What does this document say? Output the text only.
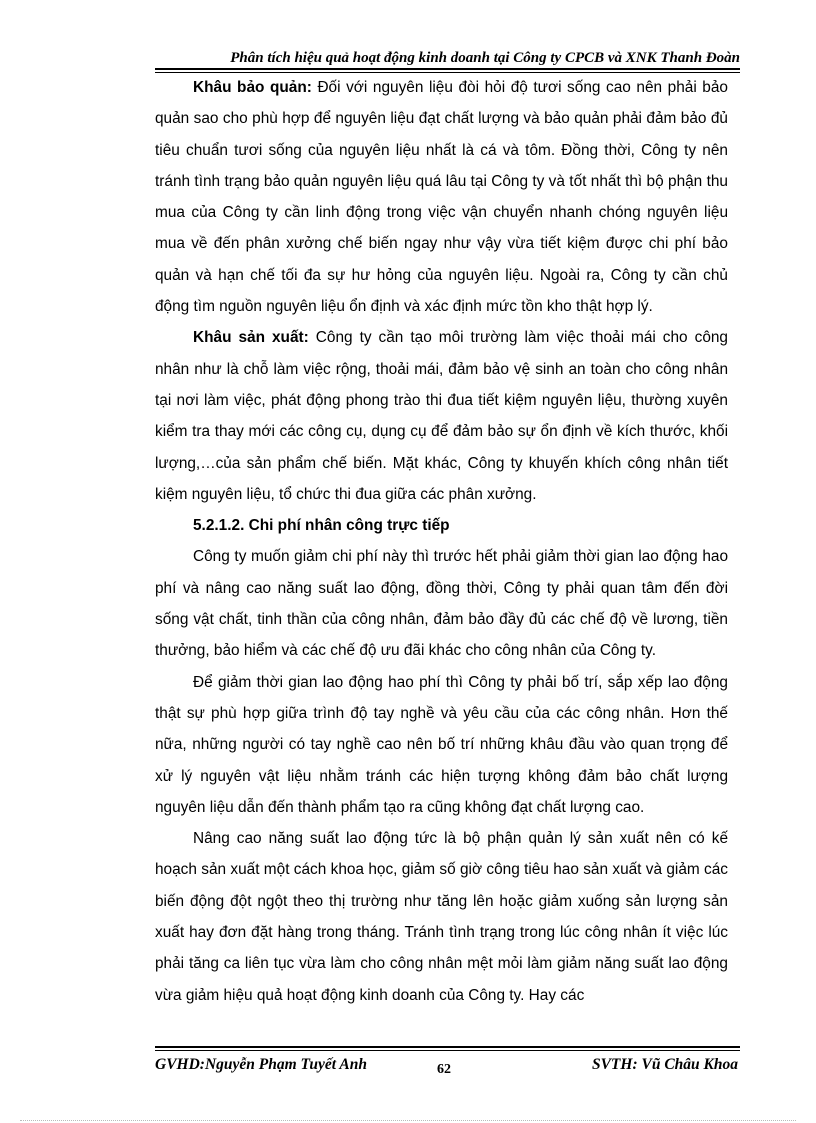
Phân tích hiệu quả hoạt động kinh doanh tại Công ty CPCB và XNK Thanh Đoàn

Khâu bảo quản: Đối với nguyên liệu đòi hỏi độ tươi sống cao nên phải bảo quản sao cho phù hợp để nguyên liệu đạt chất lượng và bảo quản phải đảm bảo đủ tiêu chuẩn tươi sống của nguyên liệu nhất là cá và tôm. Đồng thời, Công ty nên tránh tình trạng bảo quản nguyên liệu quá lâu tại Công ty và tốt nhất thì bộ phận thu mua của Công ty cần linh động trong việc vận chuyển nhanh chóng nguyên liệu mua về đến phân xưởng chế biến ngay như vậy vừa tiết kiệm được chi phí bảo quản và hạn chế tối đa sự hư hỏng của nguyên liệu. Ngoài ra, Công ty cần chủ động tìm nguồn nguyên liệu ổn định và xác định mức tồn kho thật hợp lý.

Khâu sản xuất: Công ty cần tạo môi trường làm việc thoải mái cho công nhân như là chỗ làm việc rộng, thoải mái, đảm bảo vệ sinh an toàn cho công nhân tại nơi làm việc, phát động phong trào thi đua tiết kiệm nguyên liệu, thường xuyên kiểm tra thay mới các công cụ, dụng cụ để đảm bảo sự ổn định về kích thước, khối lượng,…của sản phẩm chế biến. Mặt khác, Công ty khuyến khích công nhân tiết kiệm nguyên liệu, tổ chức thi đua giữa các phân xưởng.

5.2.1.2. Chi phí nhân công trực tiếp

Công ty muốn giảm chi phí này thì trước hết phải giảm thời gian lao động hao phí và nâng cao năng suất lao động, đồng thời, Công ty phải quan tâm đến đời sống vật chất, tinh thần của công nhân, đảm bảo đầy đủ các chế độ về lương, tiền thưởng, bảo hiểm và các chế độ ưu đãi khác cho công nhân của Công ty.

Để giảm thời gian lao động hao phí thì Công ty phải bố trí, sắp xếp lao động thật sự phù hợp giữa trình độ tay nghề và yêu cầu của các công nhân. Hơn thế nữa, những người có tay nghề cao nên bố trí những khâu đầu vào quan trọng để xử lý nguyên vật liệu nhằm tránh các hiện tượng không đảm bảo chất lượng nguyên liệu dẫn đến thành phẩm tạo ra cũng không đạt chất lượng cao.

Nâng cao năng suất lao động tức là bộ phận quản lý sản xuất nên có kế hoạch sản xuất một cách khoa học, giảm số giờ công tiêu hao sản xuất và giảm các biến động đột ngột theo thị trường như tăng lên hoặc giảm xuống sản lượng sản xuất hay đơn đặt hàng trong tháng. Tránh tình trạng trong lúc công nhân ít việc lúc phải tăng ca liên tục vừa làm cho công nhân mệt mỏi làm giảm năng suất lao động vừa giảm hiệu quả hoạt động kinh doanh của Công ty. Hay các

GVHD:Nguyễn Phạm Tuyết Anh	62	SVTH: Vũ Châu Khoa
